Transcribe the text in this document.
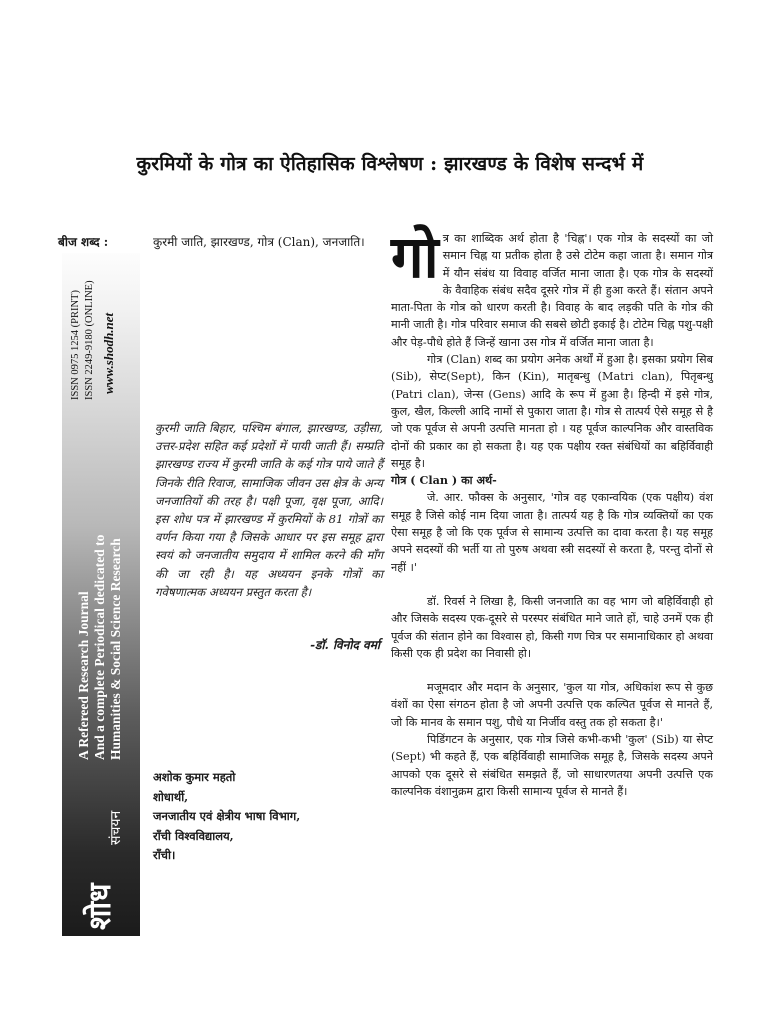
कुरमियों के गोत्र का ऐतिहासिक विश्लेषण : झारखण्ड के विशेष सन्दर्भ में
ISSN 0975 1254 (PRINT) ISSN 2249-9180 (ONLINE) www.shodh.net
A Refereed Research Journal And a complete Periodical dedicated to Humanities & Social Science Research
शोध
संचयन
बीज शब्द :	कुरमी जाति, झारखण्ड, गोत्र (Clan), जनजाति।
कुरमी जाति बिहार, पश्चिम बंगाल, झारखण्ड, उड़ीसा, उत्तर-प्रदेश सहित कई प्रदेशों में पायी जाती हैं। सम्प्रति झारखण्ड राज्य में कुरमी जाति के कई गोत्र पाये जाते हैं जिनके रीति रिवाज, सामाजिक जीवन उस क्षेत्र के अन्य जनजातियों की तरह है। पक्षी पूजा, वृक्ष पूजा, आदि। इस शोध पत्र में झारखण्ड में कुरमियों के 81 गोत्रों का वर्णन किया गया है जिसके आधार पर इस समूह द्वारा स्वयं को जनजातीय समुदाय में शामिल करने की माँग की जा रही है। यह अध्ययन इनके गोत्रों का गवेषणात्मक अध्ययन प्रस्तुत करता है।
-डॉ. विनोद वर्मा
अशोक कुमार महतो
शोधार्थी,
जनजातीय एवं क्षेत्रीय भाषा विभाग,
राँची विश्वविद्यालय,
राँची।

गोत्र का शाब्दिक अर्थ होता है 'चिह्न'। एक गोत्र के सदस्यों का जो समान चिह्न या प्रतीक होता है उसे टोटेम कहा जाता है। समान गोत्र में यौन संबंध या विवाह वर्जित माना जाता है। एक गोत्र के सदस्यों के वैवाहिक संबंध सदैव दूसरे गोत्र में ही हुआ करते हैं। संतान अपने माता-पिता के गोत्र को धारण करती है। विवाह के बाद लड़की पति के गोत्र की मानी जाती है। गोत्र परिवार समाज की सबसे छोटी इकाई है। टोटेम चिह्न पशु-पक्षी और पेड़-पौधे होते हैं जिन्हें खाना उस गोत्र में वर्जित माना जाता है।

गोत्र (Clan) शब्द का प्रयोग अनेक अर्थों में हुआ है। इसका प्रयोग सिब (Sib), सेप्ट(Sept), किन (Kin), मातृबन्धु (Matri clan), पितृबन्धु (Patri clan), जेन्स (Gens) आदि के रूप में हुआ है। हिन्दी में इसे गोत्र, कुल, खैल, किल्ली आदि नामों से पुकारा जाता है। गोत्र से तात्पर्य ऐसे समूह से है जो एक पूर्वज से अपनी उत्पत्ति मानता हो । यह पूर्वज काल्पनिक और वास्तविक दोनों की प्रकार का हो सकता है। यह एक पक्षीय रक्त संबंधियों का बहिर्विवाही समूह है।

गोत्र ( Clan ) का अर्थ-

जे. आर. फौक्स के अनुसार, 'गोत्र वह एकान्वयिक (एक पक्षीय) वंश समूह है जिसे कोई नाम दिया जाता है। तात्पर्य यह है कि गोत्र व्यक्तियों का एक ऐसा समूह है जो कि एक पूर्वज से सामान्य उत्पत्ति का दावा करता है। यह समूह अपने सदस्यों की भर्ती या तो पुरुष अथवा स्त्री सदस्यों से करता है, परन्तु दोनों से नहीं ।'

डॉ. रिवर्स ने लिखा है, किसी जनजाति का वह भाग जो बहिर्विवाही हो और जिसके सदस्य एक-दूसरे से परस्पर संबंधित माने जाते हों, चाहे उनमें एक ही पूर्वज की संतान होने का विश्वास हो, किसी गण चित्र पर समानाधिकार हो अथवा किसी एक ही प्रदेश का निवासी हो।

मजूमदार और मदान के अनुसार, 'कुल या गोत्र, अधिकांश रूप से कुछ वंशों का ऐसा संगठन होता है जो अपनी उत्पत्ति एक कल्पित पूर्वज से मानते हैं, जो कि मानव के समान पशु, पौधे या निर्जीव वस्तु तक हो सकता है।'

पिडिंगटन के अनुसार, एक गोत्र जिसे कभी-कभी 'कुल' (Sib) या सेप्ट (Sept) भी कहते हैं, एक बहिर्विवाही सामाजिक समूह है, जिसके सदस्य अपने आपको एक दूसरे से संबंधित समझते हैं, जो साधारणतया अपनी उत्पत्ति एक काल्पनिक वंशानुक्रम द्वारा किसी सामान्य पूर्वज से मानते हैं।
